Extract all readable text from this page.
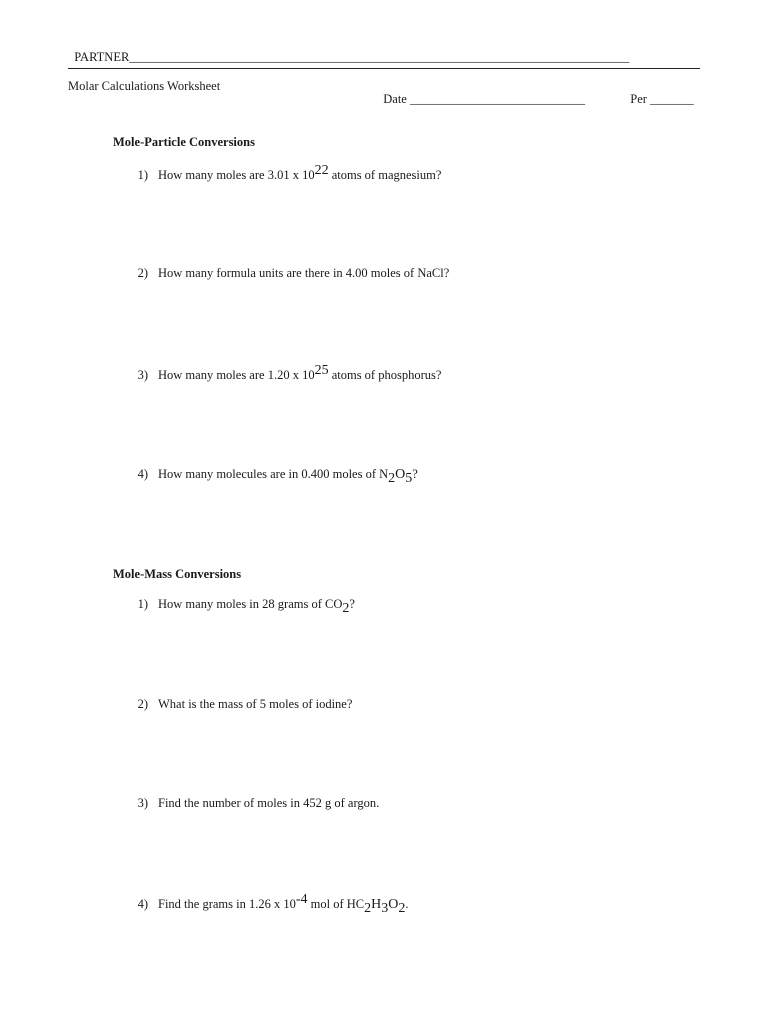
PARTNER________________________________________________________________________________

Molar Calculations Worksheet

Date ____________________________	Per _______

Mole-Particle Conversions
1) How many moles are 3.01 x $10^{22}$ atoms of magnesium?
2) How many formula units are there in 4.00 moles of NaCl?
3) How many moles are 1.20 x $10^{25}$ atoms of phosphorus?
4) How many molecules are in 0.400 moles of $N_2O_5$?
Mole-Mass Conversions
1) How many moles in 28 grams of $CO_2$?
2) What is the mass of 5 moles of iodine?
3) Find the number of moles in 452 g of argon.
4) Find the grams in 1.26 x $10^{-4}$ mol of $HC_2H_3O_2$.
